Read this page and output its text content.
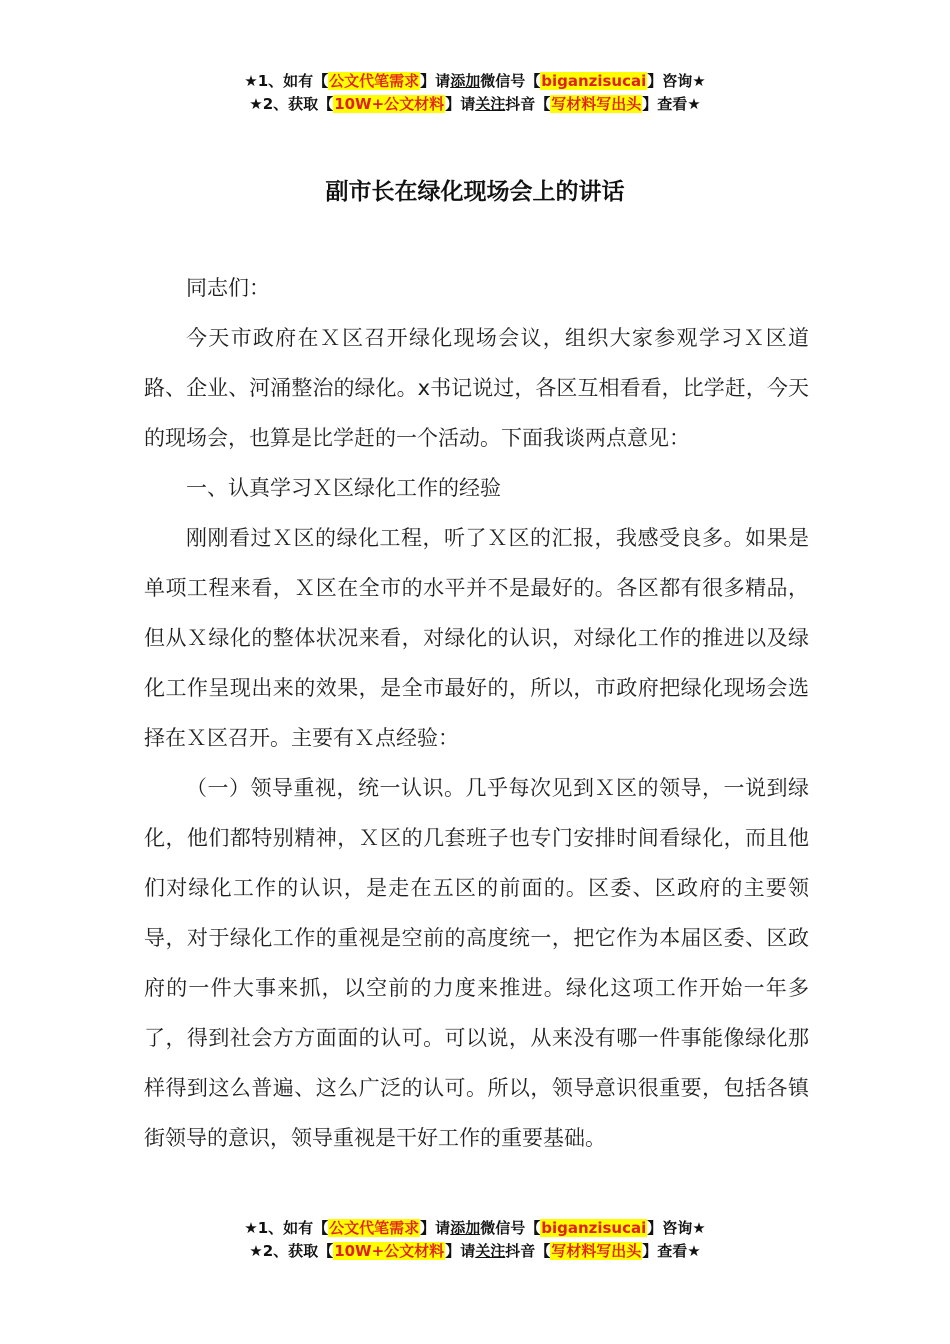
★1、如有【公文代笔需求】请添加微信号【biganzisucai】咨询★
★2、获取【10W+公文材料】请关注抖音【写材料写出头】查看★
副市长在绿化现场会上的讲话

同志们：

今天市政府在Ｘ区召开绿化现场会议，组织大家参观学习Ｘ区道路、企业、河涌整治的绿化。x书记说过，各区互相看看，比学赶，今天的现场会，也算是比学赶的一个活动。下面我谈两点意见：

一、认真学习Ｘ区绿化工作的经验

刚刚看过Ｘ区的绿化工程，听了Ｘ区的汇报，我感受良多。如果是单项工程来看，Ｘ区在全市的水平并不是最好的。各区都有很多精品，但从Ｘ绿化的整体状况来看，对绿化的认识，对绿化工作的推进以及绿化工作呈现出来的效果，是全市最好的，所以，市政府把绿化现场会选择在Ｘ区召开。主要有Ｘ点经验：

（一）领导重视，统一认识。几乎每次见到Ｘ区的领导，一说到绿化，他们都特别精神，Ｘ区的几套班子也专门安排时间看绿化，而且他们对绿化工作的认识，是走在五区的前面的。区委、区政府的主要领导，对于绿化工作的重视是空前的高度统一，把它作为本届区委、区政府的一件大事来抓，以空前的力度来推进。绿化这项工作开始一年多了，得到社会方方面面的认可。可以说，从来没有哪一件事能像绿化那样得到这么普遍、这么广泛的认可。所以，领导意识很重要，包括各镇街领导的意识，领导重视是干好工作的重要基础。

★1、如有【公文代笔需求】请添加微信号【biganzisucai】咨询★
★2、获取【10W+公文材料】请关注抖音【写材料写出头】查看★
